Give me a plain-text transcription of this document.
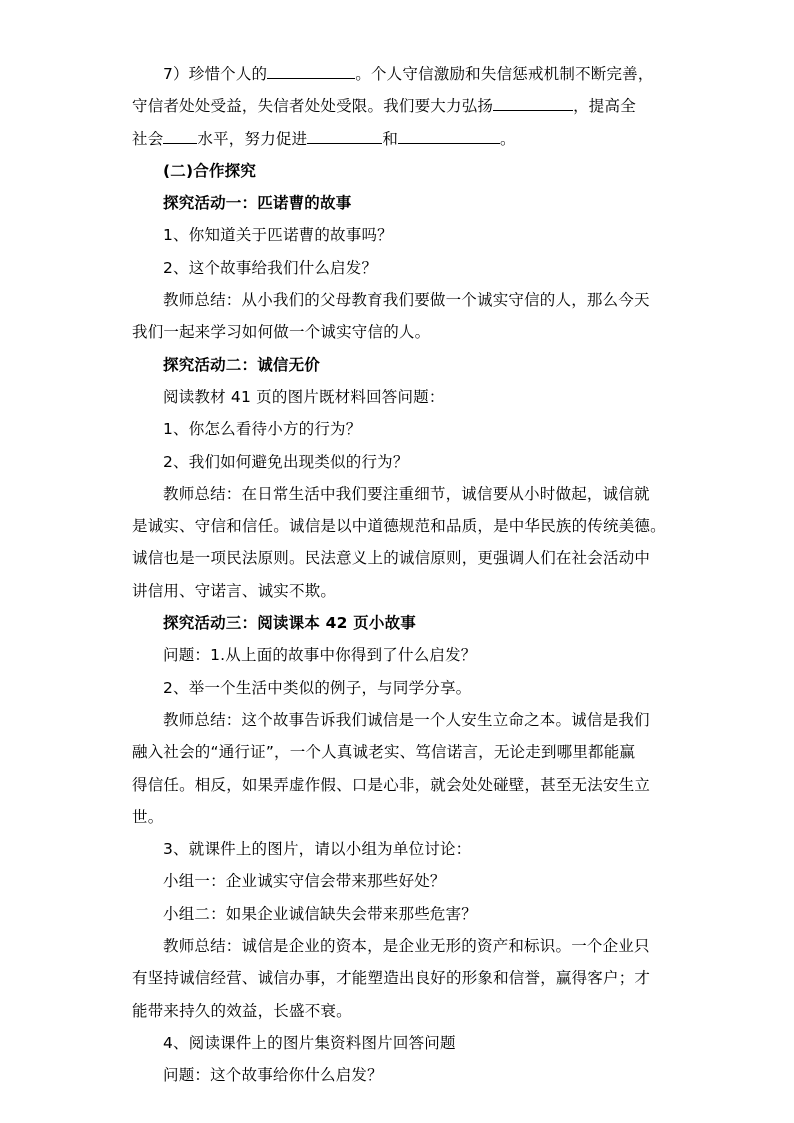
7）珍惜个人的	。个人守信激励和失信惩戒机制不断完善，
守信者处处受益，失信者处处受限。我们要大力弘扬	，提高全
社会 水平，努力促进	和	。
(二)合作探究
探究活动一：匹诺曹的故事
1、你知道关于匹诺曹的故事吗？
2、这个故事给我们什么启发？
教师总结：从小我们的父母教育我们要做一个诚实守信的人，那么今天
我们一起来学习如何做一个诚实守信的人。
探究活动二：诚信无价
阅读教材 41 页的图片既材料回答问题：
1、你怎么看待小方的行为？
2、我们如何避免出现类似的行为？
教师总结：在日常生活中我们要注重细节，诚信要从小时做起，诚信就
是诚实、守信和信任。诚信是以中道德规范和品质，是中华民族的传统美德。
诚信也是一项民法原则。民法意义上的诚信原则，更强调人们在社会活动中
讲信用、守诺言、诚实不欺。
探究活动三：阅读课本 42 页小故事
问题：1.从上面的故事中你得到了什么启发？
2、举一个生活中类似的例子，与同学分享。
教师总结：这个故事告诉我们诚信是一个人安生立命之本。诚信是我们
融入社会的“通行证”，一个人真诚老实、笃信诺言，无论走到哪里都能赢
得信任。相反，如果弄虚作假、口是心非，就会处处碰壁，甚至无法安生立
世。
3、就课件上的图片，请以小组为单位讨论：
小组一：企业诚实守信会带来那些好处？
小组二：如果企业诚信缺失会带来那些危害？
教师总结：诚信是企业的资本，是企业无形的资产和标识。一个企业只
有坚持诚信经营、诚信办事，才能塑造出良好的形象和信誉，赢得客户；才
能带来持久的效益，长盛不衰。
4、阅读课件上的图片集资料图片回答问题
问题：这个故事给你什么启发？
